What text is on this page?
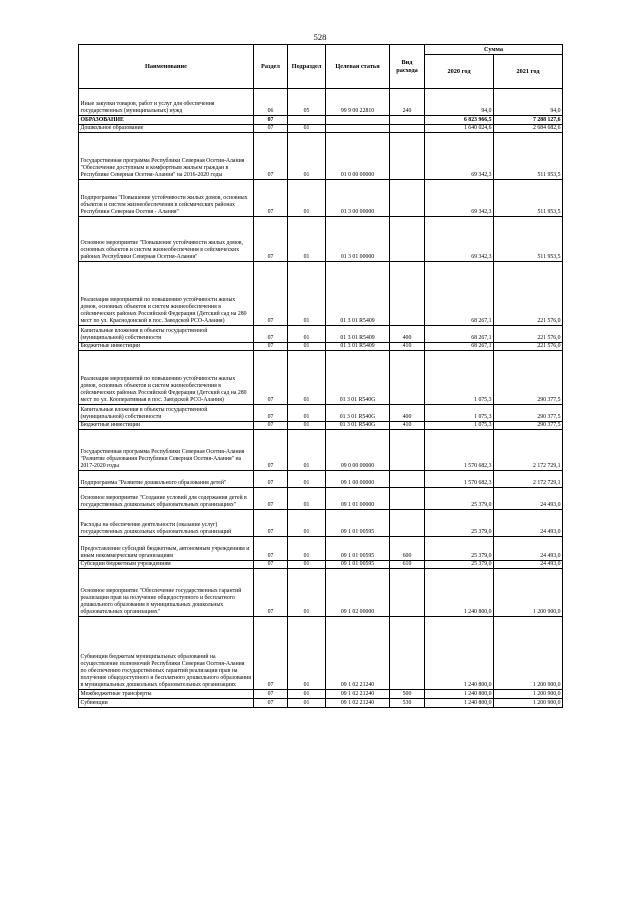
528
Наименование	Раздел	Подраздел	Целевая статья	Вид расхода	Сумма	
					2020 год	2021 год
Иные закупки товаров, работ и услуг для обеспечения государственных (муниципальных) нужд	06	05	99 9 00 22810	240	94,0	94,0
ОБРАЗОВАНИЕ	07				6 823 966,5	7 288 127,6
Дошкольное образование	07	01			1 640 024,6	2 684 682,6
Государственная программа Республики Северная Осетия-Алания "Обеспечение доступным и комфортным жильем граждан в Республике Северная Осетия-Алания" на 2016-2020 годы	07	01	01 0 00 00000		69 342,3	511 953,5
Подпрограмма "Повышение устойчивости жилых домов, основных объектов и систем жизнеобеспечения в сейсмических районах Республики Северная Осетия - Алания"	07	01	01 3 00 00000		69 342,3	511 953,5
Основное мероприятие "Повышение устойчивости жилых домов, основных объектов и систем жизнеобеспечения в сейсмических районах Республики Северная Осетия-Алания"	07	01	01 3 01 00000		69 342,3	511 953,5
Реализация мероприятий по повышению устойчивости жилых домов, основных объектов и систем жизнеобеспечения в сейсмических районах Российской Федерации (Детский сад на 280 мест по ул. Краснодонской в пос. Заводской РСО-Алания)	07	01	01 3 01 R5409		68 267,1	221 576,0
Капитальные вложения в объекты государственной (муниципальной) собственности	07	01	01 3 01 R5409	400	68 267,1	221 576,0
Бюджетные инвестиции	07	01	01 3 01 R5409	410	68 267,1	221 576,0
Реализация мероприятий по повышению устойчивости жилых домов, основных объектов и систем жизнеобеспечения в сейсмических районах Российской Федерации (Детский сад на 280 мест по ул. Кооперативная в пос. Заводской РСО-Алания)	07	01	01 3 01 R540G		1 075,3	290 377,5
Капитальные вложения в объекты государственной (муниципальной) собственности	07	01	01 3 01 R540G	400	1 075,3	290 377,5
Бюджетные инвестиции	07	01	01 3 01 R540G	410	1 075,3	290 377,5
Государственная программа Республики Северная Осетия-Алания "Развитие образования Республики Северная Осетия-Алания" на 2017-2020 годы	07	01	09 0 00 00000		1 570 682,3	2 172 729,1
Подпрограмма "Развитие дошкольного образования детей"	07	01	09 1 00 00000		1 570 682,3	2 172 729,1
Основное мероприятие "Создание условий для содержания детей в государственных дошкольных образовательных организациях"	07	01	09 1 01 00000		25 379,0	24 493,0
Расходы на обеспечение деятельности (оказание услуг) государственных дошкольных образовательных организаций	07	01	09 1 01 00595		25 379,0	24 493,0
Предоставление субсидий бюджетным, автономным учреждениям и иным некоммерческим организациям	07	01	09 1 01 00595	600	25 379,0	24 493,0
Субсидии бюджетным учреждениям	07	01	09 1 01 00595	610	25 379,0	24 493,0
Основное мероприятие "Обеспечение государственных гарантий реализации прав на получение общедоступного и бесплатного дошкольного образования в муниципальных дошкольных образовательных организациях"	07	01	09 1 02 00000		1 240 800,0	1 200 900,0
Субвенции бюджетам муниципальных образований на осуществление полномочий Республики Северная Осетия-Алания по обеспечению государственных гарантий реализации прав на получение общедоступного и бесплатного дошкольного образования в муниципальных дошкольных образовательных организациях	07	01	09 1 02 21240		1 240 800,0	1 200 900,0
Межбюджетные трансферты	07	01	09 1 02 21240	500	1 240 800,0	1 200 900,0
Субвенции	07	01	09 1 02 21240	530	1 240 800,0	1 200 900,0
